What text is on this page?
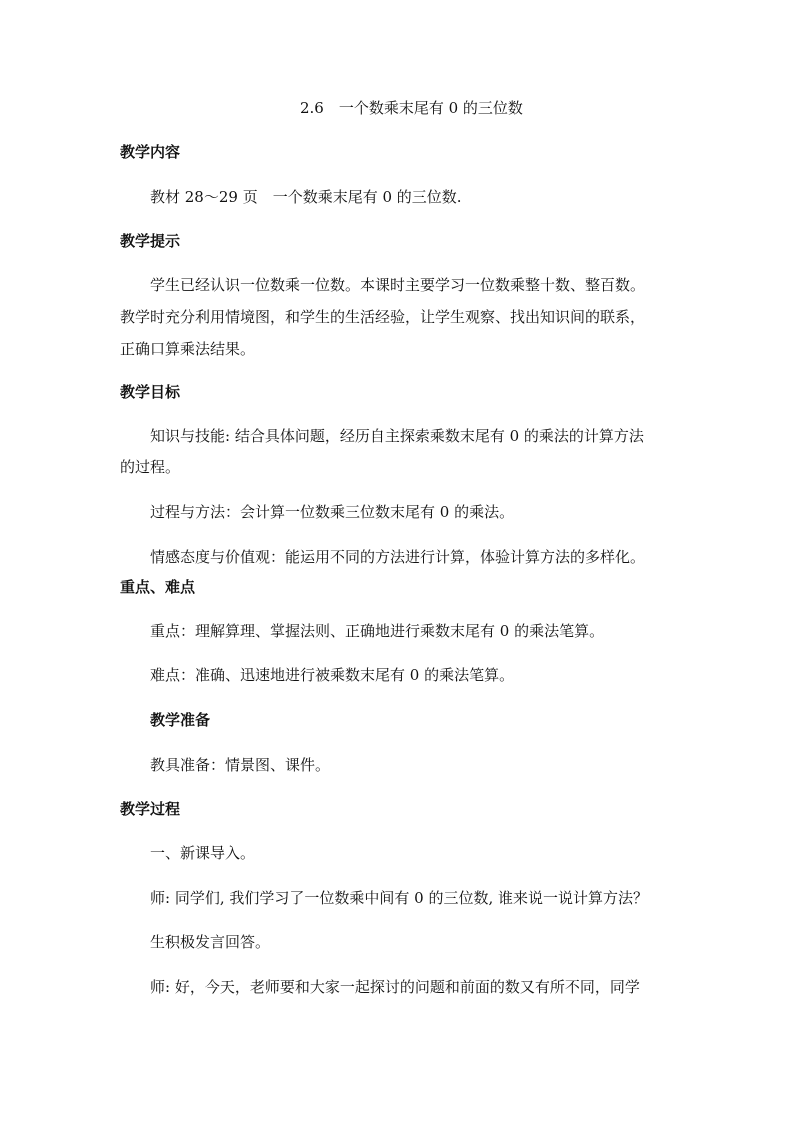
2.6　一个数乘末尾有 0 的三位数
教学内容
教材 28～29 页　一个数乘末尾有 0 的三位数.
教学提示
学生已经认识一位数乘一位数。本课时主要学习一位数乘整十数、整百数。
教学时充分利用情境图，和学生的生活经验，让学生观察、找出知识间的联系，
正确口算乘法结果。
教学目标
知识与技能: 结合具体问题，经历自主探索乘数末尾有 0 的乘法的计算方法
的过程。
过程与方法：会计算一位数乘三位数末尾有 0 的乘法。
情感态度与价值观：能运用不同的方法进行计算，体验计算方法的多样化。
重点、难点
重点：理解算理、掌握法则、正确地进行乘数末尾有 0 的乘法笔算。
难点：准确、迅速地进行被乘数末尾有 0 的乘法笔算。
教学准备
教具准备：情景图、课件。
教学过程
一、新课导入。
师: 同学们, 我们学习了一位数乘中间有 0 的三位数, 谁来说一说计算方法？
生积极发言回答。
师: 好，今天，老师要和大家一起探讨的问题和前面的数又有所不同，同学
